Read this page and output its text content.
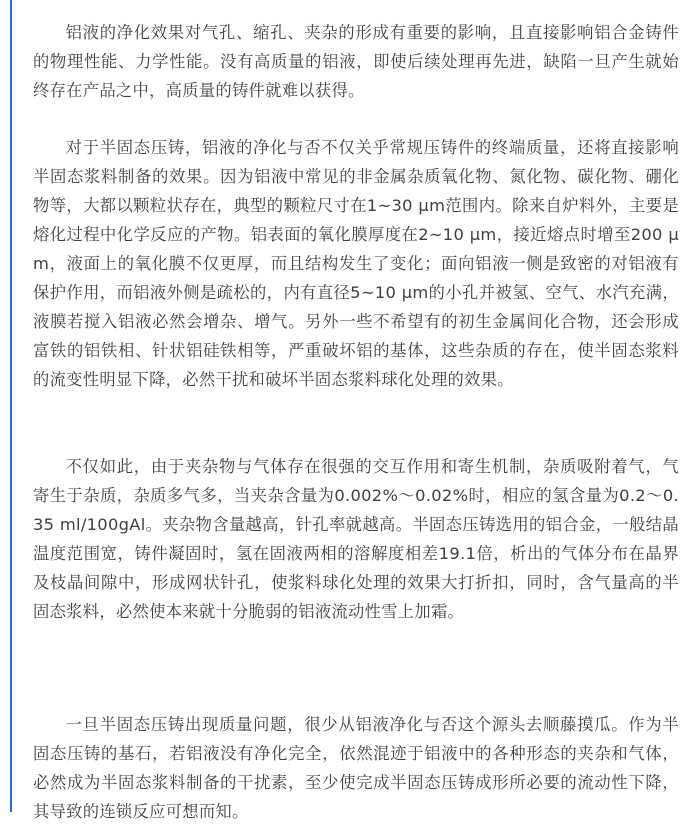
铝液的净化效果对气孔、缩孔、夹杂的形成有重要的影响，且直接影响铝合金铸件的物理性能、力学性能。没有高质量的铝液，即使后续处理再先进，缺陷一旦产生就始终存在产品之中，高质量的铸件就难以获得。

对于半固态压铸，铝液的净化与否不仅关乎常规压铸件的终端质量，还将直接影响半固态浆料制备的效果。因为铝液中常见的非金属杂质氧化物、氮化物、碳化物、硼化物等，大都以颗粒状存在，典型的颗粒尺寸在1~30 μm范围内。除来自炉料外，主要是熔化过程中化学反应的产物。铝表面的氧化膜厚度在2~10 μm，接近熔点时增至200 μm，液面上的氧化膜不仅更厚，而且结构发生了变化；面向铝液一侧是致密的对铝液有保护作用，而铝液外侧是疏松的，内有直径5~10 μm的小孔并被氢、空气、水汽充满，液膜若搅入铝液必然会增杂、增气。另外一些不希望有的初生金属间化合物，还会形成富铁的铝铁相、针状铝硅铁相等，严重破坏铝的基体，这些杂质的存在，使半固态浆料的流变性明显下降，必然干扰和破坏半固态浆料球化处理的效果。

不仅如此，由于夹杂物与气体存在很强的交互作用和寄生机制，杂质吸附着气，气寄生于杂质，杂质多气多，当夹杂含量为0.002%～0.02%时，相应的氢含量为0.2～0.35 ml/100gAl。夹杂物含量越高，针孔率就越高。半固态压铸选用的铝合金，一般结晶温度范围宽，铸件凝固时，氢在固液两相的溶解度相差19.1倍，析出的气体分布在晶界及枝晶间隙中，形成网状针孔，使浆料球化处理的效果大打折扣，同时，含气量高的半固态浆料，必然使本来就十分脆弱的铝液流动性雪上加霜。

一旦半固态压铸出现质量问题，很少从铝液净化与否这个源头去顺藤摸瓜。作为半固态压铸的基石，若铝液没有净化完全，依然混迹于铝液中的各种形态的夹杂和气体，必然成为半固态浆料制备的干扰素，至少使完成半固态压铸成形所必要的流动性下降，其导致的连锁反应可想而知。
